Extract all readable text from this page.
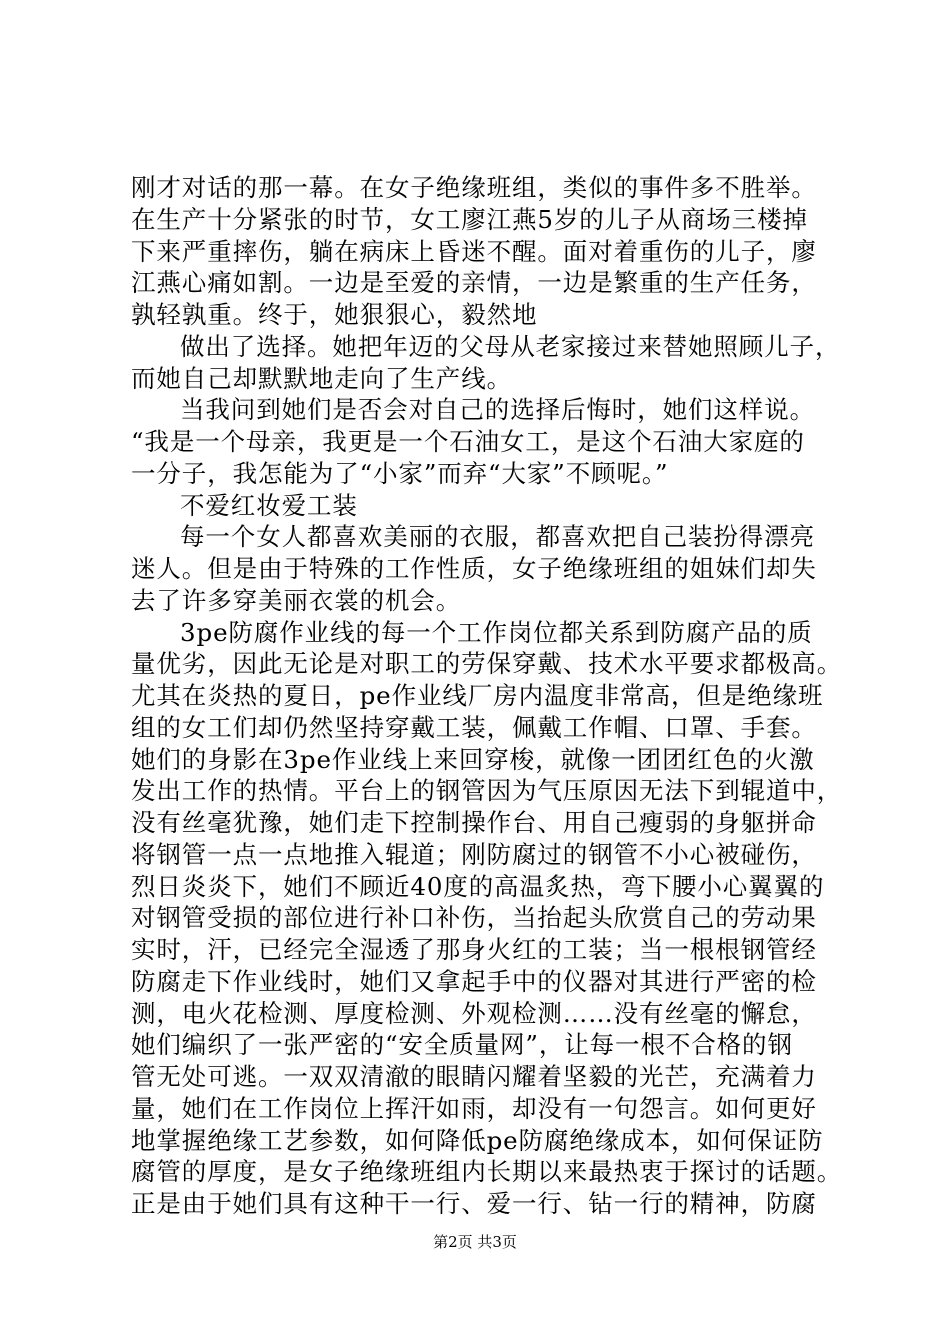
刚才对话的那一幕。在女子绝缘班组，类似的事件多不胜举。
在生产十分紧张的时节，女工廖江燕5岁的儿子从商场三楼掉
下来严重摔伤，躺在病床上昏迷不醒。面对着重伤的儿子，廖
江燕心痛如割。一边是至爱的亲情，一边是繁重的生产任务，
孰轻孰重。终于，她狠狠心，毅然地
做出了选择。她把年迈的父母从老家接过来替她照顾儿子，
而她自己却默默地走向了生产线。
当我问到她们是否会对自己的选择后悔时，她们这样说。
“我是一个母亲，我更是一个石油女工，是这个石油大家庭的
一分子，我怎能为了“小家”而弃“大家”不顾呢。”
不爱红妆爱工装
每一个女人都喜欢美丽的衣服，都喜欢把自己装扮得漂亮
迷人。但是由于特殊的工作性质，女子绝缘班组的姐妹们却失
去了许多穿美丽衣裳的机会。
3pe防腐作业线的每一个工作岗位都关系到防腐产品的质
量优劣，因此无论是对职工的劳保穿戴、技术水平要求都极高。
尤其在炎热的夏日，pe作业线厂房内温度非常高，但是绝缘班
组的女工们却仍然坚持穿戴工装，佩戴工作帽、口罩、手套。
她们的身影在3pe作业线上来回穿梭，就像一团团红色的火激
发出工作的热情。平台上的钢管因为气压原因无法下到辊道中，
没有丝毫犹豫，她们走下控制操作台、用自己瘦弱的身躯拼命
将钢管一点一点地推入辊道；刚防腐过的钢管不小心被碰伤，
烈日炎炎下，她们不顾近40度的高温炙热，弯下腰小心翼翼的
对钢管受损的部位进行补口补伤，当抬起头欣赏自己的劳动果
实时，汗，已经完全湿透了那身火红的工装；当一根根钢管经
防腐走下作业线时，她们又拿起手中的仪器对其进行严密的检
测，电火花检测、厚度检测、外观检测……没有丝毫的懈怠，
她们编织了一张严密的“安全质量网”，让每一根不合格的钢
管无处可逃。一双双清澈的眼睛闪耀着坚毅的光芒，充满着力
量，她们在工作岗位上挥汗如雨，却没有一句怨言。如何更好
地掌握绝缘工艺参数，如何降低pe防腐绝缘成本，如何保证防
腐管的厚度，是女子绝缘班组内长期以来最热衷于探讨的话题。
正是由于她们具有这种干一行、爱一行、钻一行的精神，防腐
第2页 共3页
